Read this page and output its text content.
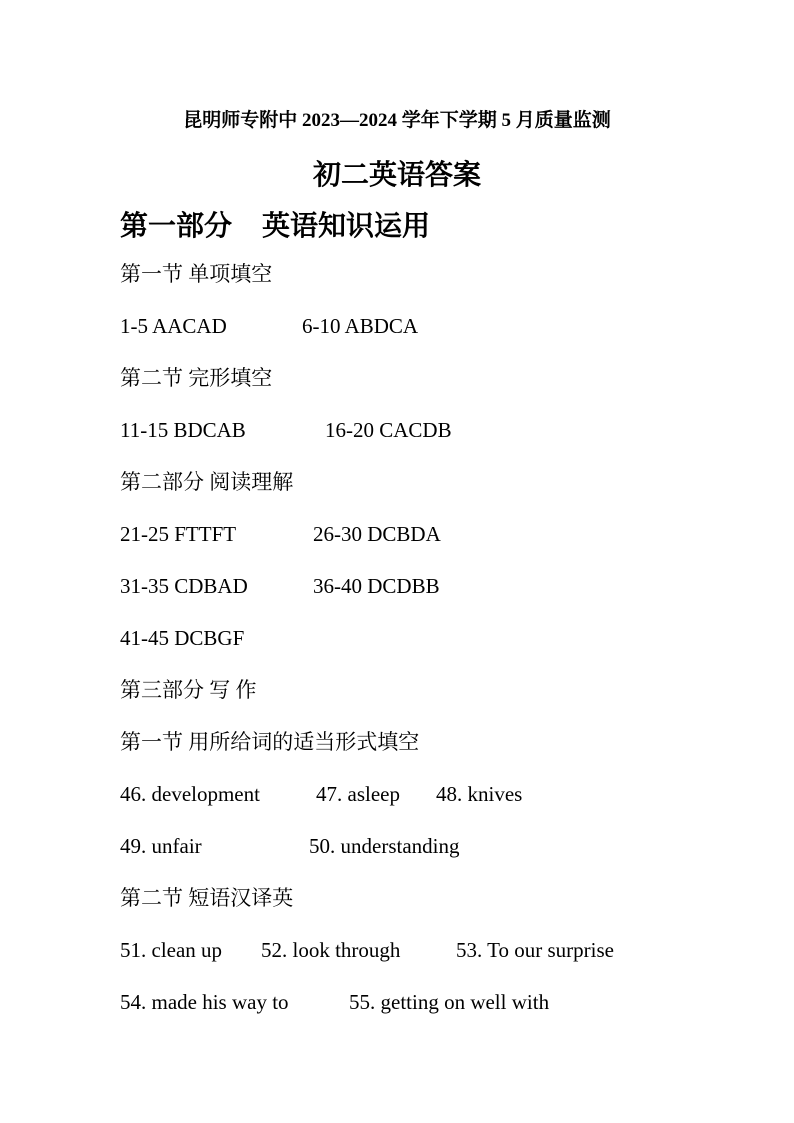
昆明师专附中 2023—2024 学年下学期 5 月质量监测
初二英语答案
第一部分 英语知识运用
第一节 单项填空
1-5 AACAD	6-10 ABDCA
第二节 完形填空
11-15 BDCAB	16-20 CACDB
第二部分 阅读理解
21-25 FTTFT	26-30 DCBDA
31-35 CDBAD	36-40 DCDBB
41-45 DCBGF
第三部分 写 作
第一节 用所给词的适当形式填空
46. development	47. asleep 48. knives
49. unfair	50. understanding
第二节 短语汉译英
51. clean up 52. look through	53. To our surprise
54. made his way to	55. getting on well with
